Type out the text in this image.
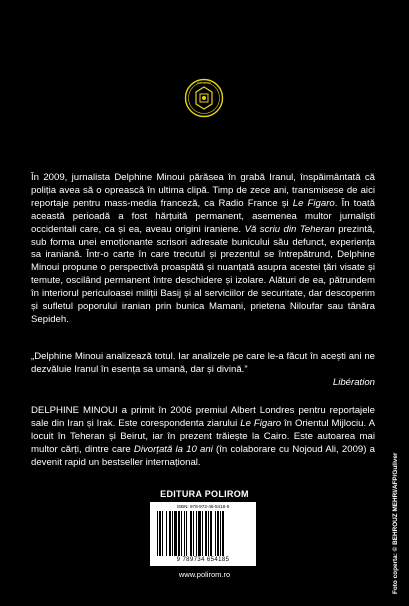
POLIROM

În 2009, jurnalista Delphine Minoui părăsea în grabă Iranul, înspăimântată că poliția avea să o oprească în ultima clipă. Timp de zece ani, transmisese de aici reportaje pentru mass-media franceză, ca Radio France și Le Figaro. În toată această perioadă a fost hărțuită permanent, asemenea multor jurnaliști occidentali care, ca și ea, aveau origini iraniene. Vă scriu din Teheran prezintă, sub forma unei emoționante scrisori adresate bunicului său defunct, experiența sa iraniană. Într-o carte în care trecutul și prezentul se întrepătrund, Delphine Minoui propune o perspectivă proaspătă și nuanțată asupra acestei țări visate și temute, oscilând permanent între deschidere și izolare. Alături de ea, pătrundem în interiorul periculoasei miliții Basij și al serviciilor de securitate, dar descoperim și sufletul poporului iranian prin bunica Mamani, prietena Niloufar sau tânăra Sepideh.

„Delphine Minoui analizează totul. Iar analizele pe care le-a făcut în acești ani ne dezvăluie Iranul în esența sa umană, dar și divină.”

Libération

DELPHINE MINOUI a primit în 2006 premiul Albert Londres pentru reportajele sale din Iran și Irak. Este corespondenta ziarului Le Figaro în Orientul Mijlociu. A locuit în Teheran și Beirut, iar în prezent trăiește la Cairo. Este autoarea mai multor cărți, dintre care Divorțată la 10 ani (în colaborare cu Nojoud Ali, 2009) a devenit rapid un bestseller internațional.

EDITURA POLIROM
ISBN: 978-973-46-5418-5
9 789734 654185
www.polirom.ro	Foto coperta: © BEHROUZ MEHRI/AFP/Guliver
